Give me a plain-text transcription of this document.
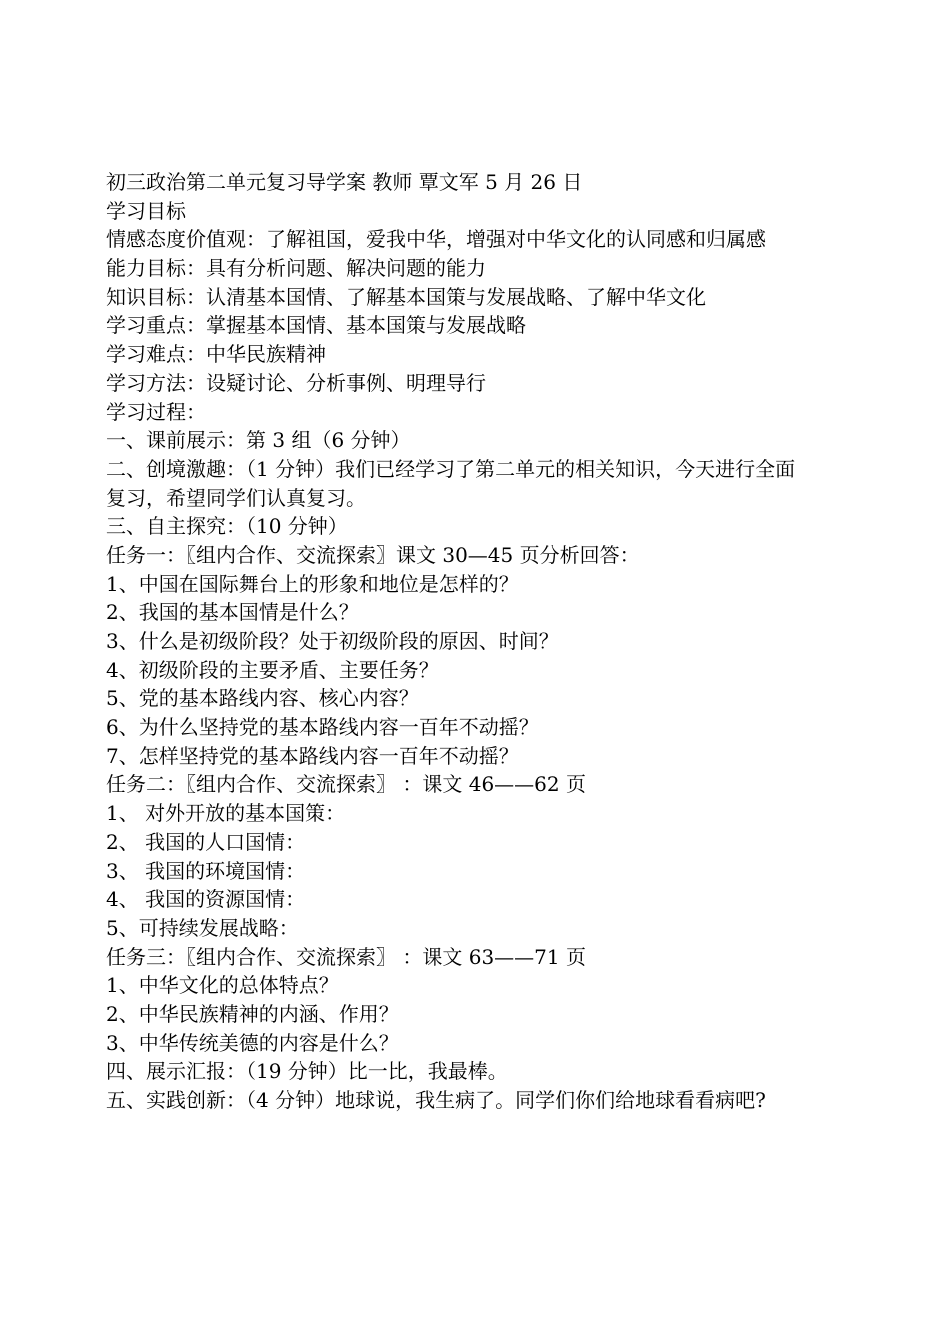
初三政治第二单元复习导学案 教师 覃文军 5 月 26 日
学习目标
情感态度价值观：了解祖国，爱我中华，增强对中华文化的认同感和归属感
能力目标：具有分析问题、解决问题的能力
知识目标：认清基本国情、了解基本国策与发展战略、了解中华文化
学习重点：掌握基本国情、基本国策与发展战略
学习难点：中华民族精神
学习方法：设疑讨论、分析事例、明理导行
学习过程：
一、课前展示：第 3 组（6 分钟）
二、创境激趣：（1 分钟）我们已经学习了第二单元的相关知识，今天进行全面
复习，希望同学们认真复习。
三、自主探究：（10 分钟）
任务一：〖组内合作、交流探索〗课文 30—45 页分析回答：
1、中国在国际舞台上的形象和地位是怎样的？
2、我国的基本国情是什么？
3、什么是初级阶段？处于初级阶段的原因、时间？
4、初级阶段的主要矛盾、主要任务？
5、党的基本路线内容、核心内容？
6、为什么坚持党的基本路线内容一百年不动摇？
7、怎样坚持党的基本路线内容一百年不动摇？
任务二：〖组内合作、交流探索〗 ：课文 46——62 页
1、 对外开放的基本国策：
2、 我国的人口国情：
3、 我国的环境国情：
4、 我国的资源国情：
5、可持续发展战略：
任务三：〖组内合作、交流探索〗 ：课文 63——71 页
1、中华文化的总体特点？
2、中华民族精神的内涵、作用？
3、中华传统美德的内容是什么？
四、展示汇报：（19 分钟）比一比，我最棒。
五、实践创新：（4 分钟）地球说，我生病了。同学们你们给地球看看病吧?
